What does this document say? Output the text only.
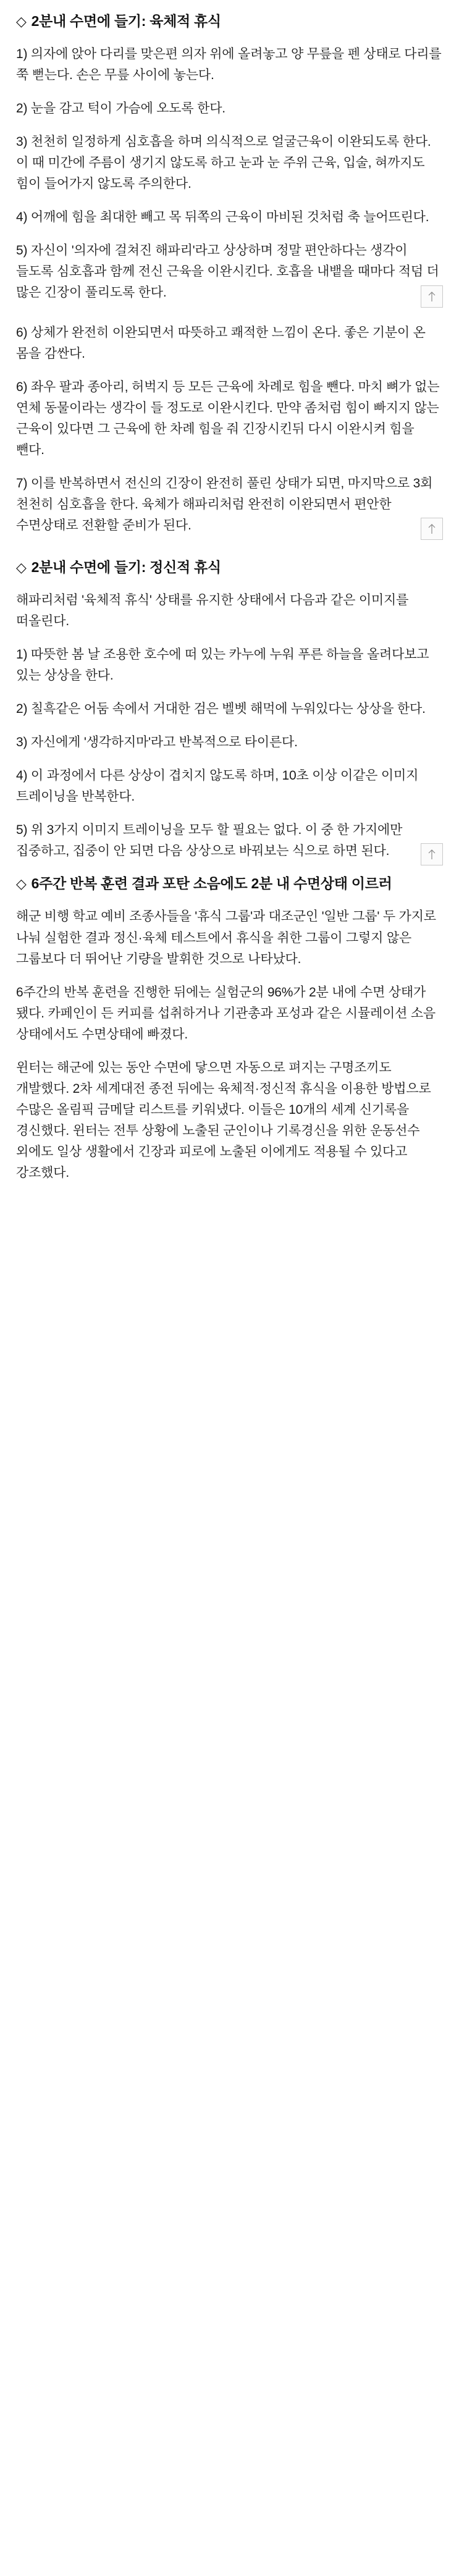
◇ 2분내 수면에 들기: 육체적 휴식

1) 의자에 앉아 다리를 맞은편 의자 위에 올려놓고 양 무릎을 펜 상태로 다리를 쭉 뻗는다. 손은 무릎 사이에 놓는다.

2) 눈을 감고 턱이 가슴에 오도록 한다.

3) 천천히 일정하게 심호흡을 하며 의식적으로 얼굴근육이 이완되도록 한다. 이 때 미간에 주름이 생기지 않도록 하고 눈과 눈 주위 근육, 입술, 혀까지도 힘이 들어가지 않도록 주의한다.

4) 어깨에 힘을 최대한 빼고 목 뒤쪽의 근육이 마비된 것처럼 축 늘어뜨린다.

5) 자신이 '의자에 걸쳐진 해파리'라고 상상하며 정말 편안하다는 생각이 들도록 심호흡과 함께 전신 근육을 이완시킨다. 호흡을 내뱉을 때마다 적덤 더 많은 긴장이 풀리도록 한다.

6) 상체가 완전히 이완되면서 따뜻하고 쾌적한 느낌이 온다. 좋은 기분이 온 몸을 감싼다.

6) 좌우 팔과 종아리, 허벅지 등 모든 근육에 차례로 힘을 뺀다. 마치 뼈가 없는 연체 동물이라는 생각이 들 정도로 이완시킨다. 만약 좀처럼 힘이 빠지지 않는 근육이 있다면 그 근육에 한 차례 힘을 줘 긴장시킨뒤 다시 이완시켜 힘을 뺀다.

7) 이를 반복하면서 전신의 긴장이 완전히 풀린 상태가 되면, 마지막으로 3회 천천히 심호흡을 한다. 육체가 해파리처럼 완전히 이완되면서 편안한 수면상태로 전환할 준비가 된다.

◇ 2분내 수면에 들기: 정신적 휴식

해파리처럼 '육체적 휴식' 상태를 유지한 상태에서 다음과 같은 이미지를 떠올린다.

1) 따뜻한 봄 날 조용한 호수에 떠 있는 카누에 누워 푸른 하늘을 올려다보고 있는 상상을 한다.

2) 칠흑같은 어둠 속에서 거대한 검은 벨벳 해먹에 누워있다는 상상을 한다.

3) 자신에게 '생각하지마'라고 반복적으로 타이른다.

4) 이 과정에서 다른 상상이 겹치지 않도록 하며, 10초 이상 이같은 이미지 트레이닝을 반복한다.

5) 위 3가지 이미지 트레이닝을 모두 할 필요는 없다. 이 중 한 가지에만 집중하고, 집중이 안 되면 다음 상상으로 바꿔보는 식으로 하면 된다.

◇ 6주간 반복 훈련 결과 포탄 소음에도 2분 내 수면상태 이르러

해군 비행 학교 예비 조종사들을 '휴식 그룹'과 대조군인 '일반 그룹' 두 가지로 나눠 실험한 결과 정신·육체 테스트에서 휴식을 취한 그룹이 그렇지 않은 그룹보다 더 뛰어난 기량을 발휘한 것으로 나타났다.

6주간의 반복 훈련을 진행한 뒤에는 실험군의 96%가 2분 내에 수면 상태가 됐다. 카페인이 든 커피를 섭취하거나 기관총과 포성과 같은 시뮬레이션 소음 상태에서도 수면상태에 빠졌다.

윈터는 해군에 있는 동안 수면에 닿으면 자동으로 펴지는 구명조끼도 개발했다. 2차 세계대전 종전 뒤에는 육체적·정신적 휴식을 이용한 방법으로 수많은 올림픽 금메달 리스트를 키워냈다. 이들은 10개의 세계 신기록을 경신했다. 윈터는 전투 상황에 노출된 군인이나 기록경신을 위한 운동선수 외에도 일상 생활에서 긴장과 피로에 노출된 이에게도 적용될 수 있다고 강조했다.
